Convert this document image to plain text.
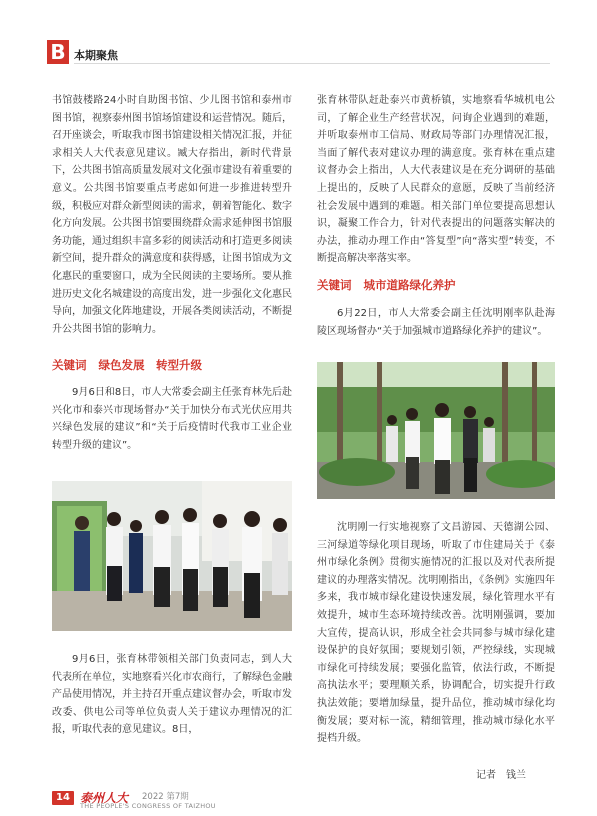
B 本期聚焦

书馆鼓楼路24小时自助图书馆、少儿图书馆和泰州市图书馆，视察泰州图书馆场馆建设和运营情况。随后，召开座谈会，听取我市图书馆建设相关情况汇报，并征求相关人大代表意见建议。臧大存指出，新时代背景下，公共图书馆高质量发展对文化强市建设有着重要的意义。公共图书馆要重点考虑如何进一步推进转型升级，积极应对群众新型阅读的需求，朝着智能化、数字化方向发展。公共图书馆要围绕群众需求延伸图书馆服务功能，通过组织丰富多彩的阅读活动和打造更多阅读新空间，提升群众的满意度和获得感，让图书馆成为文化惠民的重要窗口，成为全民阅读的主要场所。要从推进历史文化名城建设的高度出发，进一步强化文化惠民导向，加强文化阵地建设，开展各类阅读活动，不断提升公共图书馆的影响力。

关键词 绿色发展　转型升级

9月6日和8日，市人大常委会副主任张育林先后赴兴化市和泰兴市现场督办“关于加快分布式光伏应用共兴绿色发展的建议”和“关于后疫情时代我市工业企业转型升级的建议”。

9月6日，张育林带领相关部门负责同志，到人大代表所在单位，实地察看兴化市农商行，了解绿色金融产品使用情况，并主持召开重点建议督办会，听取市发改委、供电公司等单位负责人关于建议办理情况的汇报，听取代表的意见建议。8日，

张育林带队赶赴泰兴市黄桥镇，实地察看华城机电公司，了解企业生产经营状况，问询企业遇到的难题，并听取泰州市工信局、财政局等部门办理情况汇报，当面了解代表对建议办理的满意度。张育林在重点建议督办会上指出，人大代表建议是在充分调研的基础上提出的，反映了人民群众的意愿，反映了当前经济社会发展中遇到的难题。相关部门单位要提高思想认识，凝聚工作合力，针对代表提出的问题落实解决的办法，推动办理工作由“答复型”向“落实型”转变，不断提高解决率落实率。

关键词 城市道路绿化养护

6月22日，市人大常委会副主任沈明刚率队赴海陵区现场督办“关于加强城市道路绿化养护的建议”。

沈明刚一行实地视察了文昌游园、天德湖公园、三河绿道等绿化项目现场，听取了市住建局关于《泰州市绿化条例》贯彻实施情况的汇报以及对代表所提建议的办理落实情况。沈明刚指出，《条例》实施四年多来，我市城市绿化建设快速发展，绿化管理水平有效提升，城市生态环境持续改善。沈明刚强调，要加大宣传，提高认识，形成全社会共同参与城市绿化建设保护的良好氛围；要规划引领，严控绿线，实现城市绿化可持续发展；要强化监管，依法行政，不断提高执法水平；要理顺关系，协调配合，切实提升行政执法效能；要增加绿量，提升品位，推动城市绿化均衡发展；要对标一流，精细管理，推动城市绿化水平提档升级。

记者　钱兰
14 泰州人大 2022 第7期
THE PEOPLE'S CONGRESS OF TAIZHOU
